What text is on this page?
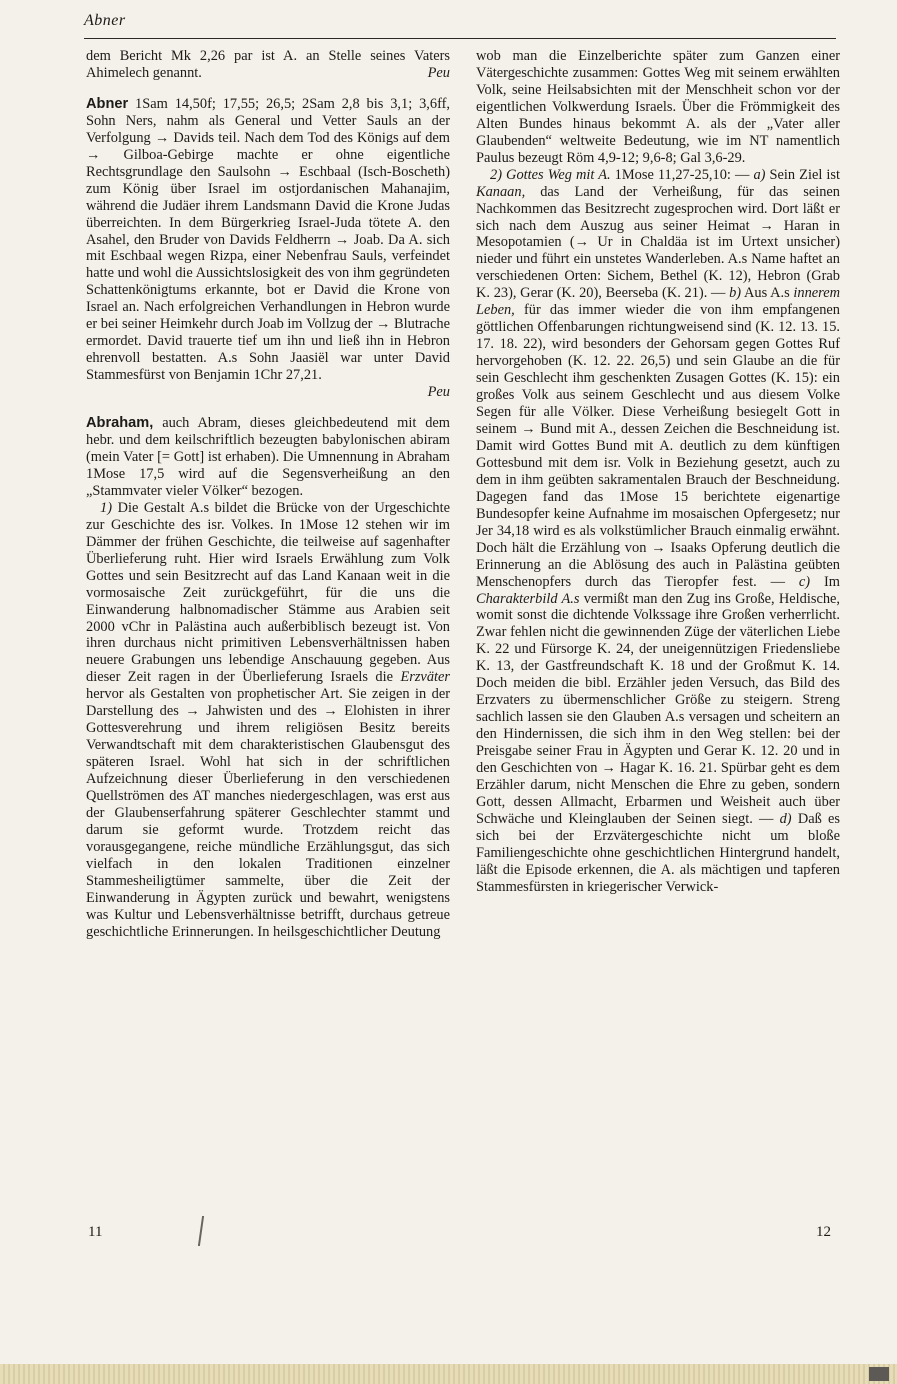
Abner

dem Bericht Mk 2,26 par ist A. an Stelle seines Vaters Ahimelech genannt.	Peu

Abner 1Sam 14,50f; 17,55; 26,5; 2Sam 2,8 bis 3,1; 3,6ff, Sohn Ners, nahm als General und Vetter Sauls an der Verfolgung → Davids teil. Nach dem Tod des Königs auf dem → Gilboa-Gebirge machte er ohne eigentliche Rechtsgrundlage den Saulsohn → Eschbaal (Isch-Boscheth) zum König über Israel im ostjordanischen Mahanajim, während die Judäer ihrem Landsmann David die Krone Judas überreichten. In dem Bürgerkrieg Israel-Juda tötete A. den Asahel, den Bruder von Davids Feldherrn → Joab. Da A. sich mit Eschbaal wegen Rizpa, einer Nebenfrau Sauls, verfeindet hatte und wohl die Aussichtslosigkeit des von ihm gegründeten Schattenkönigtums erkannte, bot er David die Krone von Israel an. Nach erfolgreichen Verhandlungen in Hebron wurde er bei seiner Heimkehr durch Joab im Vollzug der → Blutrache ermordet. David trauerte tief um ihn und ließ ihn in Hebron ehrenvoll bestatten. A.s Sohn Jaasiël war unter David Stammesfürst von Benjamin 1Chr 27,21.

Peu

Abraham, auch Abram, dieses gleichbedeutend mit dem hebr. und dem keilschriftlich bezeugten babylonischen abiram (mein Vater [= Gott] ist erhaben). Die Umnennung in Abraham 1Mose 17,5 wird auf die Segensverheißung an den „Stammvater vieler Völker“ bezogen.

1) Die Gestalt A.s bildet die Brücke von der Urgeschichte zur Geschichte des isr. Volkes. In 1Mose 12 stehen wir im Dämmer der frühen Geschichte, die teilweise auf sagenhafter Überlieferung ruht. Hier wird Israels Erwählung zum Volk Gottes und sein Besitzrecht auf das Land Kanaan weit in die vormosaische Zeit zurückgeführt, für die uns die Einwanderung halbnomadischer Stämme aus Arabien seit 2000 vChr in Palästina auch außerbiblisch bezeugt ist. Von ihren durchaus nicht primitiven Lebensverhältnissen haben neuere Grabungen uns lebendige Anschauung gegeben. Aus dieser Zeit ragen in der Überlieferung Israels die Erzväter hervor als Gestalten von prophetischer Art. Sie zeigen in der Darstellung des → Jahwisten und des → Elohisten in ihrer Gottesverehrung und ihrem religiösen Besitz bereits Verwandtschaft mit dem charakteristischen Glaubensgut des späteren Israel. Wohl hat sich in der schriftlichen Aufzeichnung dieser Überlieferung in den verschiedenen Quellströmen des AT manches niedergeschlagen, was erst aus der Glaubenserfahrung späterer Geschlechter stammt und darum sie geformt wurde. Trotzdem reicht das vorausgegangene, reiche mündliche Erzählungsgut, das sich vielfach in den lokalen Traditionen einzelner Stammesheiligtümer sammelte, über die Zeit der Einwanderung in Ägypten zurück und bewahrt, wenigstens was Kultur und Lebensverhältnisse betrifft, durchaus getreue geschichtliche Erinnerungen. In heilsgeschichtlicher Deutung

wob man die Einzelberichte später zum Ganzen einer Vätergeschichte zusammen: Gottes Weg mit seinem erwählten Volk, seine Heilsabsichten mit der Menschheit schon vor der eigentlichen Volkwerdung Israels. Über die Frömmigkeit des Alten Bundes hinaus bekommt A. als der „Vater aller Glaubenden“ weltweite Bedeutung, wie im NT namentlich Paulus bezeugt Röm 4,9-12; 9,6-8; Gal 3,6-29.

2) Gottes Weg mit A. 1Mose 11,27-25,10: — a) Sein Ziel ist Kanaan, das Land der Verheißung, für das seinen Nachkommen das Besitzrecht zugesprochen wird. Dort läßt er sich nach dem Auszug aus seiner Heimat → Haran in Mesopotamien (→ Ur in Chaldäa ist im Urtext unsicher) nieder und führt ein unstetes Wanderleben. A.s Name haftet an verschiedenen Orten: Sichem, Bethel (K. 12), Hebron (Grab K. 23), Gerar (K. 20), Beerseba (K. 21). — b) Aus A.s innerem Leben, für das immer wieder die von ihm empfangenen göttlichen Offenbarungen richtungweisend sind (K. 12. 13. 15. 17. 18. 22), wird besonders der Gehorsam gegen Gottes Ruf hervorgehoben (K. 12. 22. 26,5) und sein Glaube an die für sein Geschlecht ihm geschenkten Zusagen Gottes (K. 15): ein großes Volk aus seinem Geschlecht und aus diesem Volke Segen für alle Völker. Diese Verheißung besiegelt Gott in seinem → Bund mit A., dessen Zeichen die Beschneidung ist. Damit wird Gottes Bund mit A. deutlich zu dem künftigen Gottesbund mit dem isr. Volk in Beziehung gesetzt, auch zu dem in ihm geübten sakramentalen Brauch der Beschneidung. Dagegen fand das 1Mose 15 berichtete eigenartige Bundesopfer keine Aufnahme im mosaischen Opfergesetz; nur Jer 34,18 wird es als volkstümlicher Brauch einmalig erwähnt. Doch hält die Erzählung von → Isaaks Opferung deutlich die Erinnerung an die Ablösung des auch in Palästina geübten Menschenopfers durch das Tieropfer fest. — c) Im Charakterbild A.s vermißt man den Zug ins Große, Heldische, womit sonst die dichtende Volkssage ihre Großen verherrlicht. Zwar fehlen nicht die gewinnenden Züge der väterlichen Liebe K. 22 und Fürsorge K. 24, der uneigennützigen Friedensliebe K. 13, der Gastfreundschaft K. 18 und der Großmut K. 14. Doch meiden die bibl. Erzähler jeden Versuch, das Bild des Erzvaters zu übermenschlicher Größe zu steigern. Streng sachlich lassen sie den Glauben A.s versagen und scheitern an den Hindernissen, die sich ihm in den Weg stellen: bei der Preisgabe seiner Frau in Ägypten und Gerar K. 12. 20 und in den Geschichten von → Hagar K. 16. 21. Spürbar geht es dem Erzähler darum, nicht Menschen die Ehre zu geben, sondern Gott, dessen Allmacht, Erbarmen und Weisheit auch über Schwäche und Kleinglauben der Seinen siegt. — d) Daß es sich bei der Erzvätergeschichte nicht um bloße Familiengeschichte ohne geschichtlichen Hintergrund handelt, läßt die Episode erkennen, die A. als mächtigen und tapferen Stammesfürsten in kriegerischer Verwick-

11	12
